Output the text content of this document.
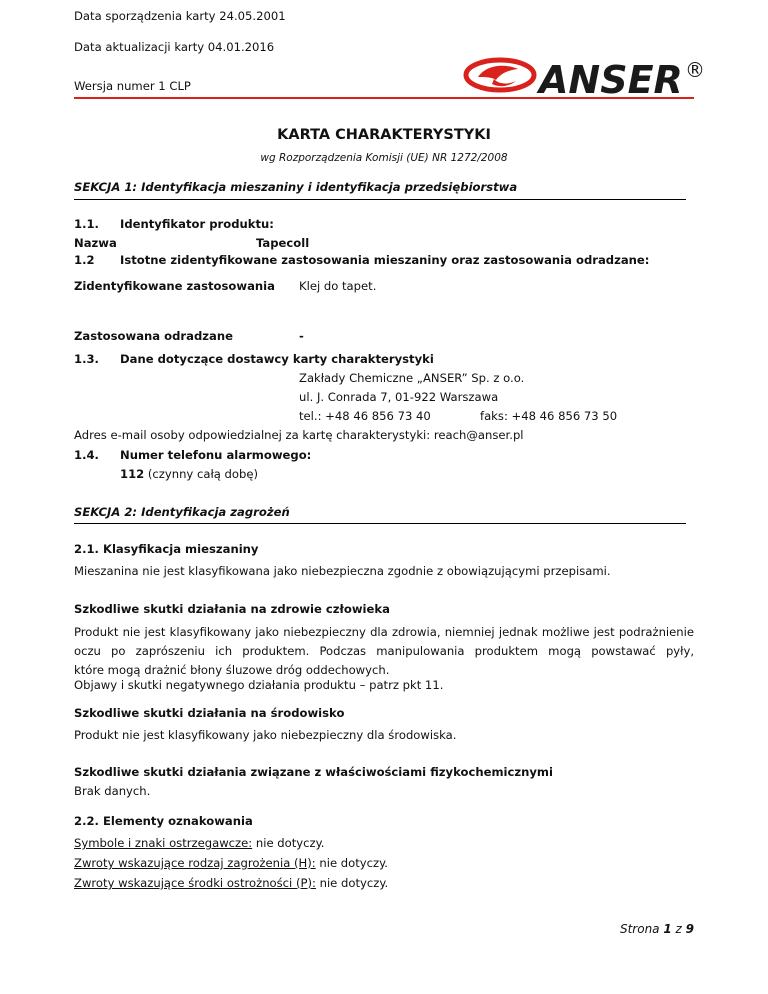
Data sporządzenia karty 24.05.2001
Data aktualizacji karty 04.01.2016
Wersja numer 1 CLP	ANSER ®
KARTA CHARAKTERYSTYKI
wg Rozporządzenia Komisji (UE) NR 1272/2008
SEKCJA 1: Identyfikacja mieszaniny i identyfikacja przedsiębiorstwa
1.1. Identyfikator produktu:
Nazwa	Tapecoll
1.2 Istotne zidentyfikowane zastosowania mieszaniny oraz zastosowania odradzane:
Zidentyfikowane zastosowania Klej do tapet.
Zastosowana odradzane	-
1.3. Dane dotyczące dostawcy karty charakterystyki
Zakłady Chemiczne „ANSER” Sp. z o.o.
ul. J. Conrada 7, 01-922 Warszawa
tel.: +48 46 856 73 40	faks: +48 46 856 73 50
Adres e-mail osoby odpowiedzialnej za kartę charakterystyki: reach@anser.pl
1.4. Numer telefonu alarmowego:
112 (czynny całą dobę)
SEKCJA 2: Identyfikacja zagrożeń
2.1. Klasyfikacja mieszaniny
Mieszanina nie jest klasyfikowana jako niebezpieczna zgodnie z obowiązującymi przepisami.
Szkodliwe skutki działania na zdrowie człowieka
Produkt nie jest klasyfikowany jako niebezpieczny dla zdrowia, niemniej jednak możliwe jest podrażnienie
oczu po zaprószeniu ich produktem. Podczas manipulowania produktem mogą powstawać pyły,
które mogą drażnić błony śluzowe dróg oddechowych.
Objawy i skutki negatywnego działania produktu – patrz pkt 11.
Szkodliwe skutki działania na środowisko
Produkt nie jest klasyfikowany jako niebezpieczny dla środowiska.
Szkodliwe skutki działania związane z właściwościami fizykochemicznymi
Brak danych.
2.2. Elementy oznakowania
Symbole i znaki ostrzegawcze: nie dotyczy.
Zwroty wskazujące rodzaj zagrożenia (H): nie dotyczy.
Zwroty wskazujące środki ostrożności (P): nie dotyczy.
Strona 1 z 9
